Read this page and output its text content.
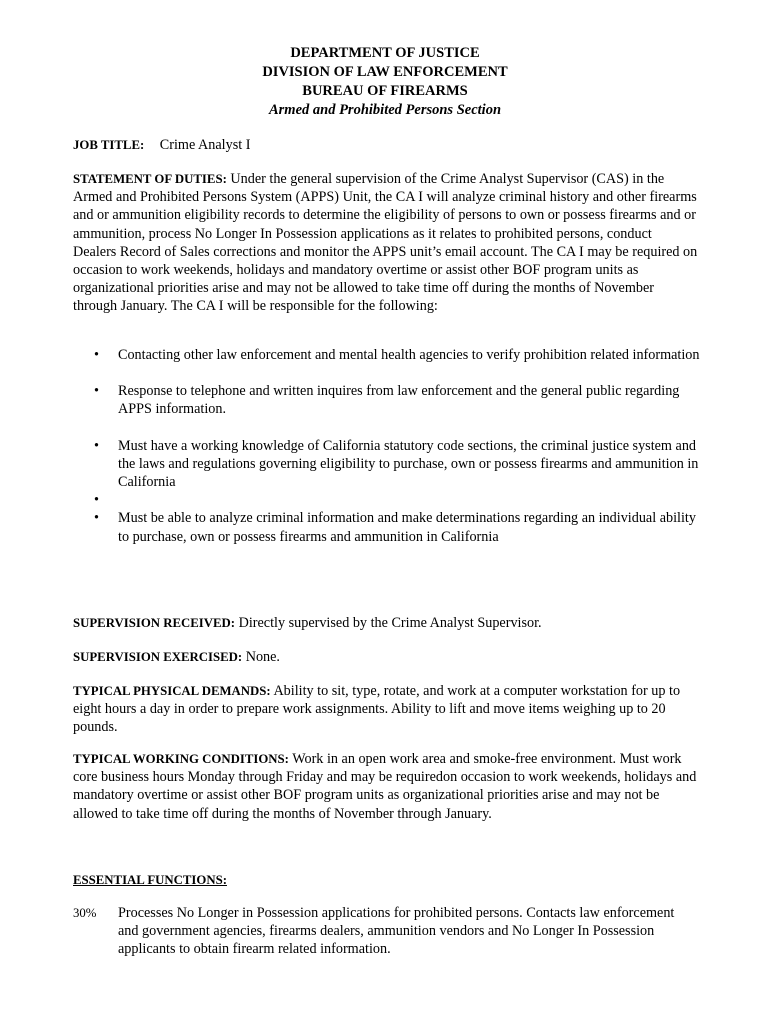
DEPARTMENT OF JUSTICE
DIVISION OF LAW ENFORCEMENT
BUREAU OF FIREARMS
Armed and Prohibited Persons Section
JOB TITLE: Crime Analyst I
STATEMENT OF DUTIES: Under the general supervision of the Crime Analyst Supervisor (CAS) in the Armed and Prohibited Persons System (APPS) Unit, the CA I will analyze criminal history and other firearms and or ammunition eligibility records to determine the eligibility of persons to own or possess firearms and or ammunition, process No Longer In Possession applications as it relates to prohibited persons, conduct Dealers Record of Sales corrections and monitor the APPS unit’s email account. The CA I may be required on occasion to work weekends, holidays and mandatory overtime or assist other BOF program units as organizational priorities arise and may not be allowed to take time off during the months of November through January. The CA I will be responsible for the following:
•	Contacting other law enforcement and mental health agencies to verify prohibition related information
•	Response to telephone and written inquires from law enforcement and the general public regarding APPS information.
•	Must have a working knowledge of California statutory code sections, the criminal justice system and the laws and regulations governing eligibility to purchase, own or possess firearms and ammunition in California
•
•	Must be able to analyze criminal information and make determinations regarding an individual ability to purchase, own or possess firearms and ammunition in California
SUPERVISION RECEIVED: Directly supervised by the Crime Analyst Supervisor.
SUPERVISION EXERCISED: None.
TYPICAL PHYSICAL DEMANDS: Ability to sit, type, rotate, and work at a computer workstation for up to eight hours a day in order to prepare work assignments. Ability to lift and move items weighing up to 20 pounds.
TYPICAL WORKING CONDITIONS: Work in an open work area and smoke-free environment. Must work core business hours Monday through Friday and may be requiredon occasion to work weekends, holidays and mandatory overtime or assist other BOF program units as organizational priorities arise and may not be allowed to take time off during the months of November through January.
ESSENTIAL FUNCTIONS:
30% Processes No Longer in Possession applications for prohibited persons. Contacts law enforcement and government agencies, firearms dealers, ammunition vendors and No Longer In Possession applicants to obtain firearm related information.
